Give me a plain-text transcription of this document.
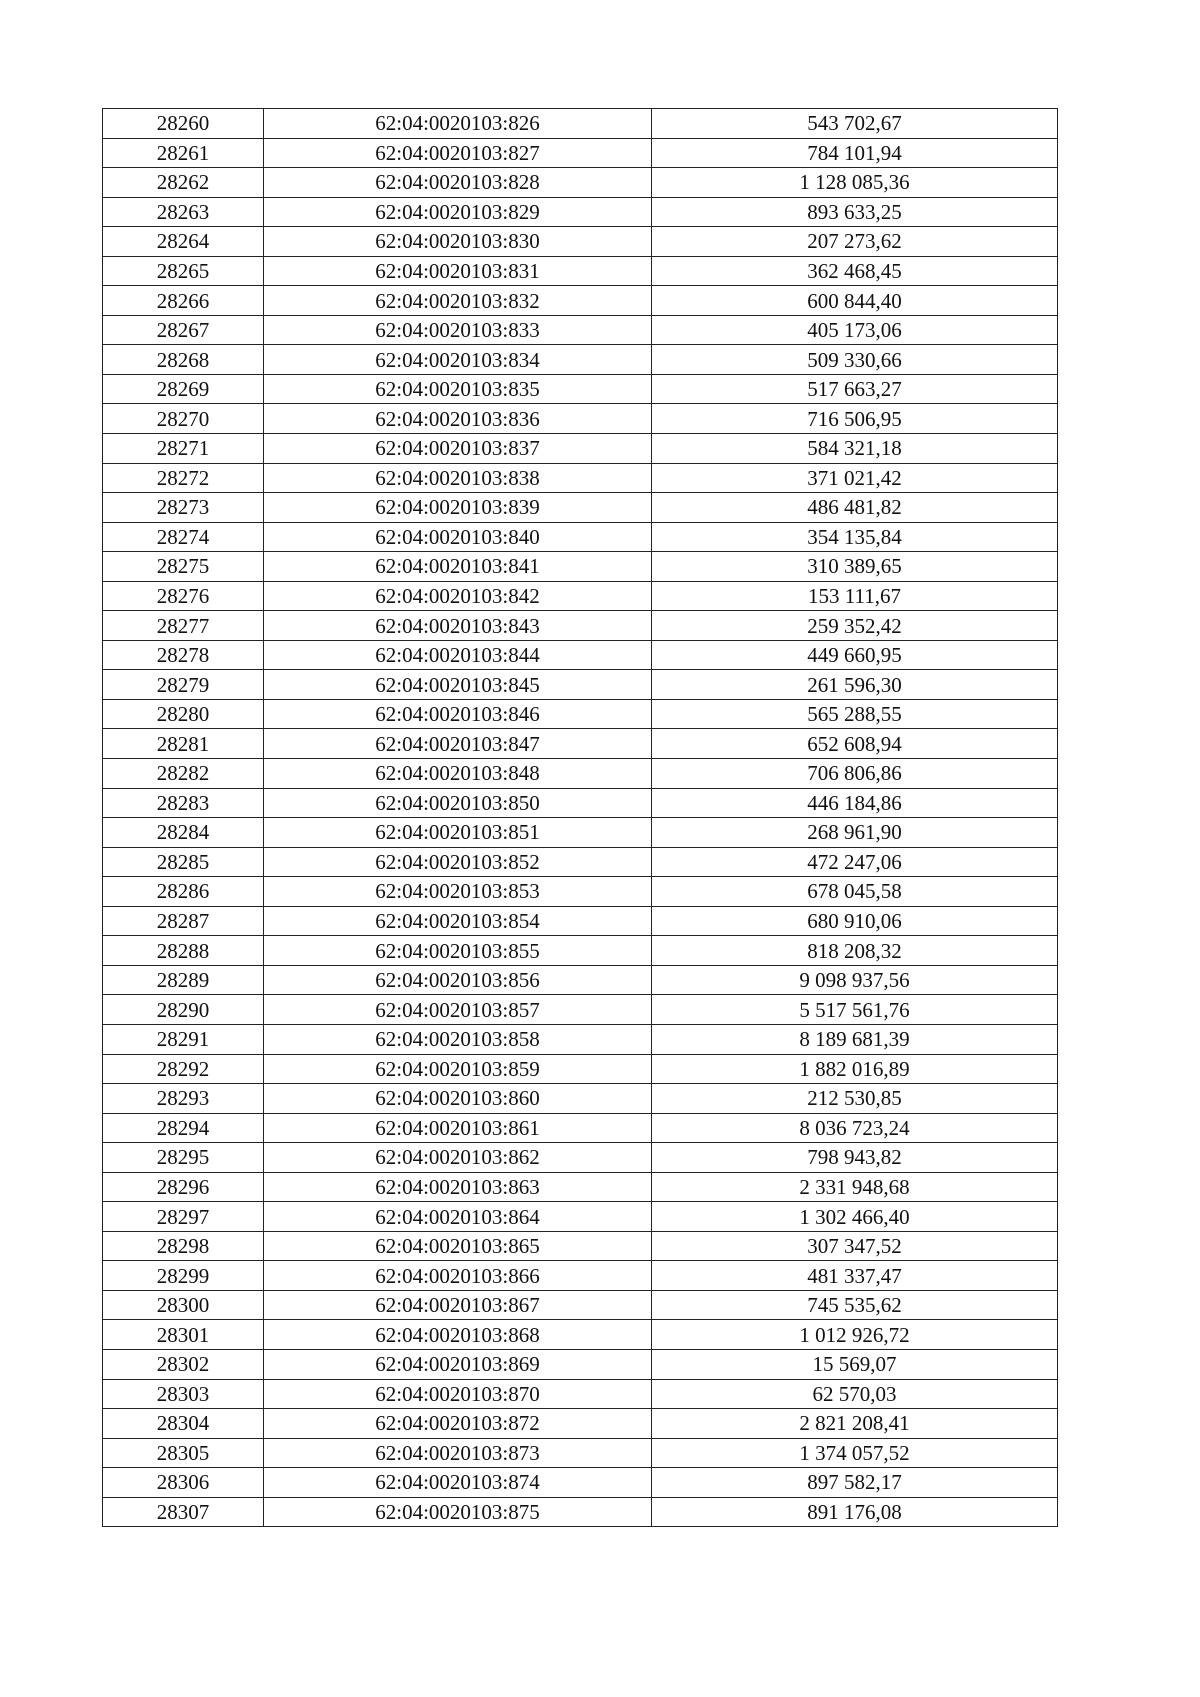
28260	62:04:0020103:826	543 702,67
28261	62:04:0020103:827	784 101,94
28262	62:04:0020103:828	1 128 085,36
28263	62:04:0020103:829	893 633,25
28264	62:04:0020103:830	207 273,62
28265	62:04:0020103:831	362 468,45
28266	62:04:0020103:832	600 844,40
28267	62:04:0020103:833	405 173,06
28268	62:04:0020103:834	509 330,66
28269	62:04:0020103:835	517 663,27
28270	62:04:0020103:836	716 506,95
28271	62:04:0020103:837	584 321,18
28272	62:04:0020103:838	371 021,42
28273	62:04:0020103:839	486 481,82
28274	62:04:0020103:840	354 135,84
28275	62:04:0020103:841	310 389,65
28276	62:04:0020103:842	153 111,67
28277	62:04:0020103:843	259 352,42
28278	62:04:0020103:844	449 660,95
28279	62:04:0020103:845	261 596,30
28280	62:04:0020103:846	565 288,55
28281	62:04:0020103:847	652 608,94
28282	62:04:0020103:848	706 806,86
28283	62:04:0020103:850	446 184,86
28284	62:04:0020103:851	268 961,90
28285	62:04:0020103:852	472 247,06
28286	62:04:0020103:853	678 045,58
28287	62:04:0020103:854	680 910,06
28288	62:04:0020103:855	818 208,32
28289	62:04:0020103:856	9 098 937,56
28290	62:04:0020103:857	5 517 561,76
28291	62:04:0020103:858	8 189 681,39
28292	62:04:0020103:859	1 882 016,89
28293	62:04:0020103:860	212 530,85
28294	62:04:0020103:861	8 036 723,24
28295	62:04:0020103:862	798 943,82
28296	62:04:0020103:863	2 331 948,68
28297	62:04:0020103:864	1 302 466,40
28298	62:04:0020103:865	307 347,52
28299	62:04:0020103:866	481 337,47
28300	62:04:0020103:867	745 535,62
28301	62:04:0020103:868	1 012 926,72
28302	62:04:0020103:869	15 569,07
28303	62:04:0020103:870	62 570,03
28304	62:04:0020103:872	2 821 208,41
28305	62:04:0020103:873	1 374 057,52
28306	62:04:0020103:874	897 582,17
28307	62:04:0020103:875	891 176,08
